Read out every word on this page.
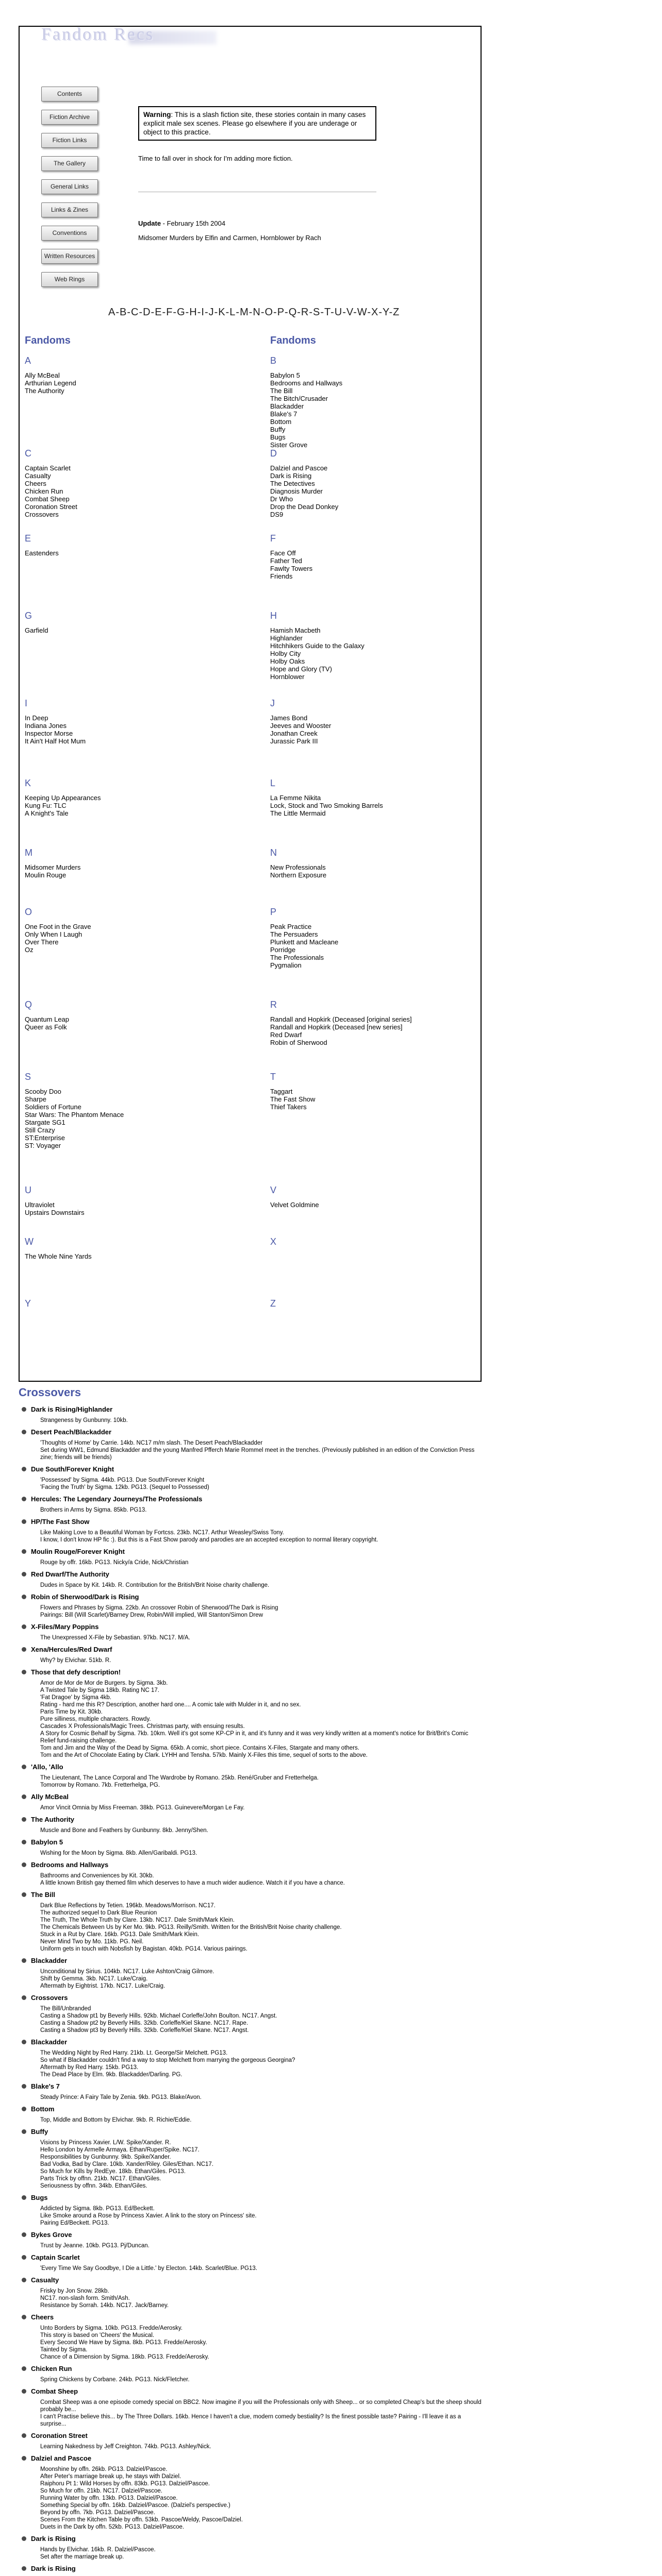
Fandom Recs
Contents
Fiction Archive
Fiction Links
The Gallery
General Links
Links & Zines
Conventions
Written Resources
Web Rings
Warning: This is a slash fiction site, these stories contain in many cases explicit male sex scenes. Please go elsewhere if you are underage or object to this practice.
Time to fall over in shock for I'm adding more fiction.
Update - February 15th 2004
Midsomer Murders by Elfin and Carmen, Hornblower by Rach
A-B-C-D-E-F-G-H-I-J-K-L-M-N-O-P-Q-R-S-T-U-V-W-X-Y-Z
Fandoms	Fandoms
A
Ally McBeal
Arthurian Legend
The Authority
C
Captain Scarlet
Casualty
Cheers
Chicken Run
Combat Sheep
Coronation Street
Crossovers
E
Eastenders
G
Garfield
I
In Deep
Indiana Jones
Inspector Morse
It Ain't Half Hot Mum
K
Keeping Up Appearances
Kung Fu: TLC
A Knight's Tale
M
Midsomer Murders
Moulin Rouge
O
One Foot in the Grave
Only When I Laugh
Over There
Oz
Q
Quantum Leap
Queer as Folk
S
Scooby Doo
Sharpe
Soldiers of Fortune
Star Wars: The Phantom Menace
Stargate SG1
Still Crazy
ST:Enterprise
ST: Voyager
U
Ultraviolet
Upstairs Downstairs
W
The Whole Nine Yards
Y
B
Babylon 5
Bedrooms and Hallways
The Bill
The Bitch/Crusader
Blackadder
Blake's 7
Bottom
Buffy
Bugs
Sister Grove
D
Dalziel and Pascoe
Dark is Rising
The Detectives
Diagnosis Murder
Dr Who
Drop the Dead Donkey
DS9
F
Face Off
Father Ted
Fawlty Towers
Friends
H
Hamish Macbeth
Highlander
Hitchhikers Guide to the Galaxy
Holby City
Holby Oaks
Hope and Glory (TV)
Hornblower
J
James Bond
Jeeves and Wooster
Jonathan Creek
Jurassic Park III
L
La Femme Nikita
Lock, Stock and Two Smoking Barrels
The Little Mermaid
N
New Professionals
Northern Exposure
P
Peak Practice
The Persuaders
Plunkett and Macleane
Porridge
The Professionals
Pygmalion
R
Randall and Hopkirk (Deceased [original series]
Randall and Hopkirk (Deceased [new series]
Red Dwarf
Robin of Sherwood
T
Taggart
The Fast Show
Thief Takers
V
Velvet Goldmine
X
Z
Crossovers
Dark is Rising/Highlander
Strangeness by Gunbunny. 10kb.
Desert Peach/Blackadder
'Thoughts of Home' by Carrie. 14kb. NC17 m/m slash. The Desert Peach/Blackadder
Set during WW1, Edmund Blackadder and the young Manfred Pfferch Marie Rommel meet in the trenches. (Previously published in an edition of the Conviction Press zine; friends will be friends)
Due South/Forever Knight
'Possessed' by Sigma. 44kb. PG13. Due South/Forever Knight
'Facing the Truth' by Sigma. 12kb. PG13. (Sequel to Possessed)
Hercules: The Legendary Journeys/The Professionals
Brothers in Arms by Sigma. 85kb. PG13.
HP/The Fast Show
Like Making Love to a Beautiful Woman by Fortcss. 23kb. NC17. Arthur Weasley/Swiss Tony.
I know, I don't know HP fic :). But this is a Fast Show parody and parodies are an accepted exception to normal literary copyright.
Moulin Rouge/Forever Knight
Rouge by offr. 16kb. PG13. Nicky/a Cride, Nick/Christian
Red Dwarf/The Authority
Dudes in Space by Kit. 14kb. R. Contribution for the British/Brit Noise charity challenge.
Robin of Sherwood/Dark is Rising
Flowers and Phrases by Sigma. 22kb. An crossover Robin of Sherwood/The Dark is Rising
Pairings: Bill (Will Scarlet)/Barney Drew, Robin/Will implied, Will Stanton/Simon Drew
X-Files/Mary Poppins
The Unexpressed X-File by Sebastian. 97kb. NC17. M/A.
Xena/Hercules/Red Dwarf
Why? by Elvichar. 51kb. R.
Those that defy description!
Amor de Mor de Mor de Burgers. by Sigma. 3kb.
A Twisted Tale by Sigma 18kb. Rating NC 17.
'Fat Dragoe' by Sigma 4kb.
Rating - hard me this R? Description, another hard one.... A comic tale with Mulder in it, and no sex.
Paris Time by Kit. 30kb.
Pure silliness, multiple characters. Rowdy.
Cascades X Professionals/Magic Trees. Christmas party, with ensuing results.
A Story for Cosmic Behalf by Sigma. 7kb. 10km. Well it's got some KP-CP in it, and it's funny and it was very kindly written at a moment's notice for Brit/Brit's Comic Relief fund-raising challenge.
Tom and Jim and the Way of the Dead by Sigma. 65kb. A comic, short piece. Contains X-Files, Stargate and many others.
Tom and the Art of Chocolate Eating by Clark. LYHH and Tensha. 57kb. Mainly X-Files this time, sequel of sorts to the above.
'Allo, 'Allo
The Lieutenant, The Lance Corporal and The Wardrobe by Romano. 25kb. René/Gruber and Fretterhelga.
Tomorrow by Romano. 7kb. Fretterhelga, PG.
Ally McBeal
Amor Vincit Omnia by Miss Freeman. 38kb. PG13. Guinevere/Morgan Le Fay.
The Authority
Muscle and Bone and Feathers by Gunbunny. 8kb. Jenny/Shen.
Babylon 5
Wishing for the Moon by Sigma. 8kb. Allen/Garibaldi. PG13.
Bedrooms and Hallways
Bathrooms and Conveniences by Kit. 30kb.
A little known British gay themed film which deserves to have a much wider audience. Watch it if you have a chance.
The Bill
Dark Blue Reflections by Tetien. 196kb. Meadows/Morrison. NC17.
The authorized sequel to Dark Blue Reunion
The Truth, The Whole Truth by Clare. 13kb. NC17. Dale Smith/Mark Klein.
The Chemicals Between Us by Ker Mo. 9kb. PG13. Reilly/Smith. Written for the British/Brit Noise charity challenge.
Stuck in a Rut by Clare. 16kb. PG13. Dale Smith/Mark Klein.
Never Mind Two by Mo. 11kb. PG. Neil.
Uniform gets in touch with Nobsfish by Bagistan. 40kb. PG14. Various pairings.
Blackadder
Unconditional by Sirius. 104kb. NC17. Luke Ashton/Craig Gilmore.
Shift by Gemma. 3kb. NC17. Luke/Craig.
Aftermath by Eightrist. 17kb. NC17. Luke/Craig.
Crossovers
The Bill/Unbranded
Casting a Shadow pt1 by Beverly Hills. 92kb. Michael Corleffe/John Boulton. NC17. Angst.
Casting a Shadow pt2 by Beverly Hills. 32kb. Corleffe/Kiel Skane. NC17. Rape.
Casting a Shadow pt3 by Beverly Hills. 32kb. Corleffe/Kiel Skane. NC17. Angst.
Blackadder
The Wedding Night by Red Harry. 21kb. Lt. George/Sir Melchett. PG13.
So what if Blackadder couldn't find a way to stop Melchett from marrying the gorgeous Georgina?
Aftermath by Red Harry. 15kb. PG13.
The Dead Place by Elm. 9kb. Blackadder/Darling. PG.
Blake's 7
Steady Prince: A Fairy Tale by Zenia. 9kb. PG13. Blake/Avon.
Bottom
Top, Middle and Bottom by Elvichar. 9kb. R. Richie/Eddie.
Buffy
Visions by Princess Xavier. L/W. Spike/Xander. R.
Hello London by Armelle Armaya. Ethan/Ruper/Spike. NC17.
Responsibilities by Gunbunny. 9kb. Spike/Xander.
Bad Vodka, Bad by Clare. 10kb. Xander/Riley. Giles/Ethan. NC17.
So Much for Kills by RedEye. 18kb. Ethan/Giles. PG13.
Parts Trick by offnn. 21kb. NC17. Ethan/Giles.
Seriousness by offnn. 34kb. Ethan/Giles.
Bugs
Addicted by Sigma. 8kb. PG13. Ed/Beckett.
Like Smoke around a Rose by Princess Xavier. A link to the story on Princess' site.
Pairing Ed/Beckett. PG13.
Bykes Grove
Trust by Jeanne. 10kb. PG13. Pj/Duncan.
Captain Scarlet
'Every Time We Say Goodbye, I Die a Little.' by Electon. 14kb. Scarlet/Blue. PG13.
Casualty
Frisky by Jon Snow. 28kb.
NC17. non-slash form. Smith/Ash.
Resistance by Sorrah. 14kb. NC17. Jack/Barney.
Cheers
Unto Borders by Sigma. 10kb. PG13. Fredde/Aerosky.
This story is based on 'Cheers' the Musical.
Every Second We Have by Sigma. 8kb. PG13. Fredde/Aerosky.
Tainted by Sigma.
Chance of a Dimension by Sigma. 18kb. PG13. Fredde/Aerosky.
Chicken Run
Spring Chickens by Corbane. 24kb. PG13. Nick/Fletcher.
Combat Sheep
Combat Sheep was a one episode comedy special on BBC2. Now imagine if you will the Professionals only with Sheep... or so completed Cheap's but the sheep should probably be...
I can't Practise believe this... by The Three Dollars. 16kb. Hence I haven't a clue, modern comedy bestiality? Is the finest possible taste? Pairing - I'll leave it as a surprise...
Coronation Street
Learning Nakedness by Jeff Creighton. 74kb. PG13. Ashley/Nick.
Dalziel and Pascoe
Moonshine by offn. 26kb. PG13. Dalziel/Pascoe.
After Peter's marriage break up, he stays with Dalziel.
Raiphoru Pt 1: Wild Horses by offn. 83kb. PG13. Dalziel/Pascoe.
So Much for offn. 21kb. NC17. Dalziel/Pascoe.
Running Water by offn. 13kb. PG13. Dalziel/Pascoe.
Something Special by offn. 16kb. Dalziel/Pascoe. (Dalziel's perspective.)
Beyond by offn. 7kb. PG13. Dalziel/Pascoe.
Scenes From the Kitchen Table by offn. 53kb. Pascoe/Weldy, Pascoe/Dalziel.
Duets in the Dark by offn. 52kb. PG13. Dalziel/Pascoe.
Dark is Rising
Hands by Elvichar. 16kb. R. Dalziel/Pascoe.
Set after the marriage break up.
Dark is Rising
